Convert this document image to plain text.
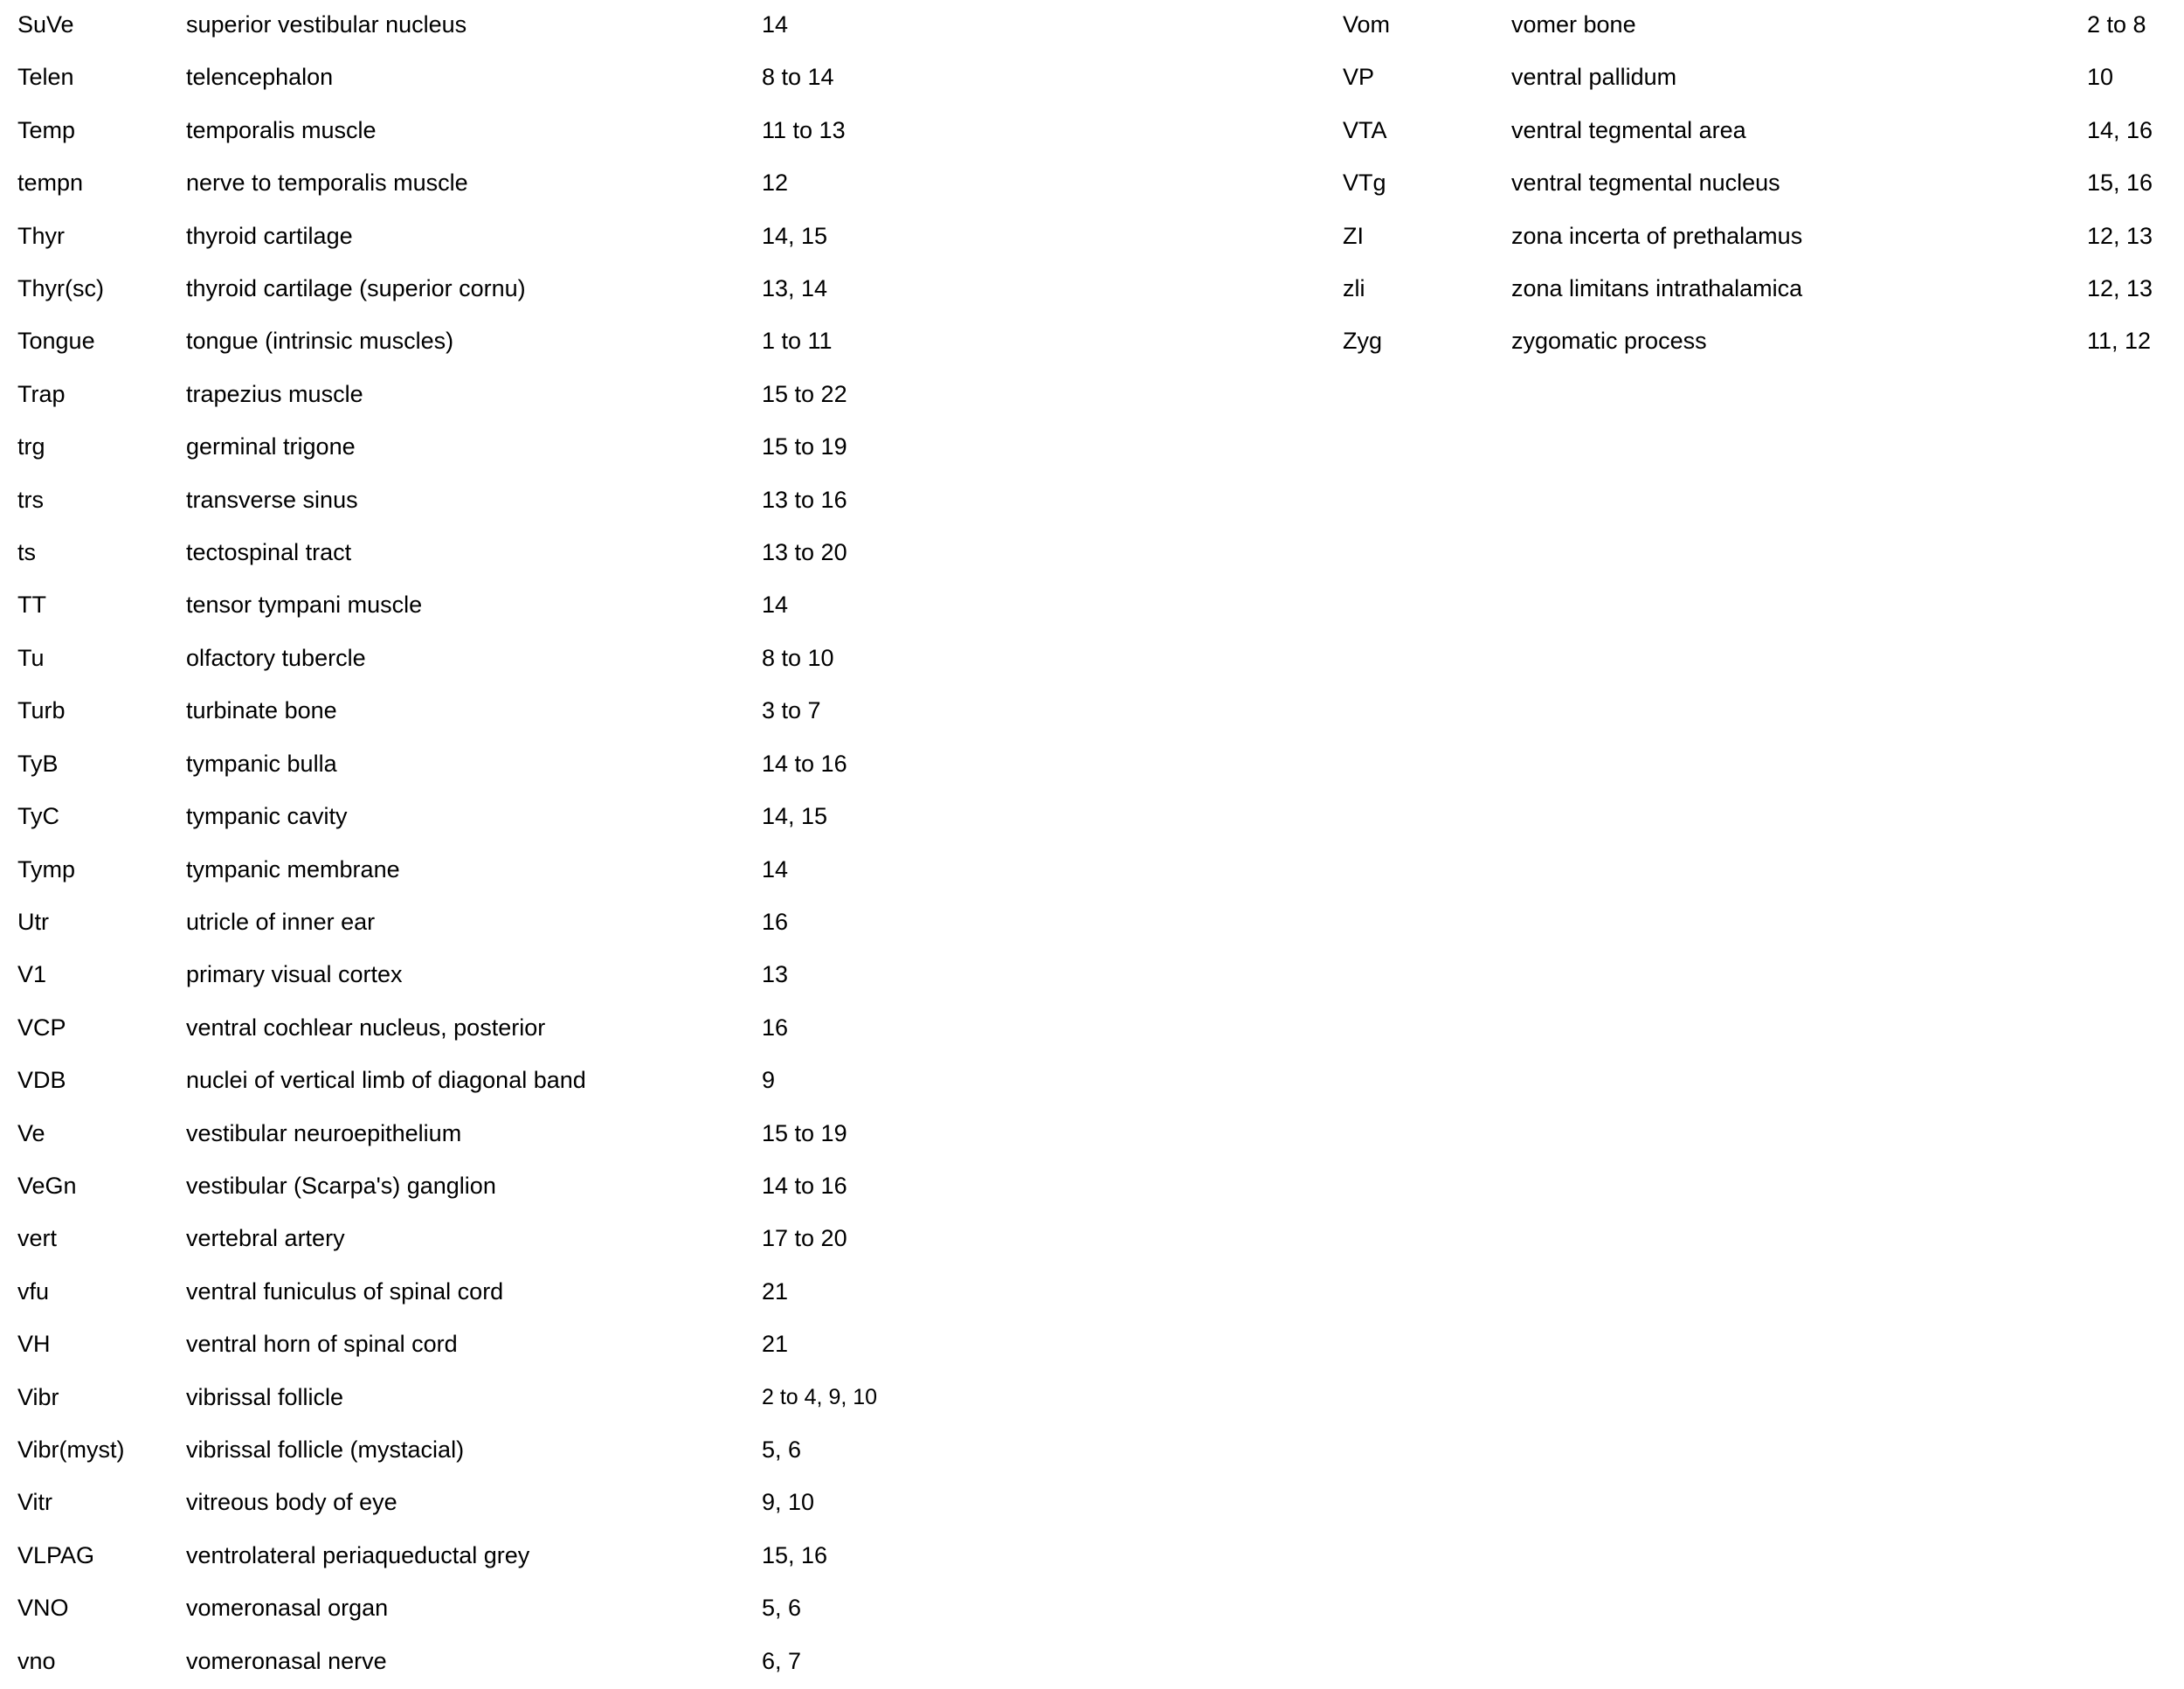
SuVe	superior vestibular nucleus	14
Telen	telencephalon	8 to 14
Temp	temporalis muscle	11 to 13
tempn	nerve to temporalis muscle	12
Thyr	thyroid cartilage	14, 15
Thyr(sc)	thyroid cartilage (superior cornu)	13, 14
Tongue	tongue (intrinsic muscles)	1 to 11
Trap	trapezius muscle	15 to 22
trg	germinal trigone	15 to 19
trs	transverse sinus	13 to 16
ts	tectospinal tract	13 to 20
TT	tensor tympani muscle	14
Tu	olfactory tubercle	8 to 10
Turb	turbinate bone	3 to 7
TyB	tympanic bulla	14 to 16
TyC	tympanic cavity	14, 15
Tymp	tympanic membrane	14
Utr	utricle of inner ear	16
V1	primary visual cortex	13
VCP	ventral cochlear nucleus, posterior	16
VDB	nuclei of vertical limb of diagonal band	9
Ve	vestibular neuroepithelium	15 to 19
VeGn	vestibular (Scarpa's) ganglion	14 to 16
vert	vertebral artery	17 to 20
vfu	ventral funiculus of spinal cord	21
VH	ventral horn of spinal cord	21
Vibr	vibrissal follicle	2 to 4, 9, 10
Vibr(myst)	vibrissal follicle (mystacial)	5, 6
Vitr	vitreous body of eye	9, 10
VLPAG	ventrolateral periaqueductal grey	15, 16
VNO	vomeronasal organ	5, 6
vno	vomeronasal nerve	6, 7
Vom	vomer bone	2 to 8
VP	ventral pallidum	10
VTA	ventral tegmental area	14, 16
VTg	ventral tegmental nucleus	15, 16
ZI	zona incerta of prethalamus	12, 13
zli	zona limitans intrathalamica	12, 13
Zyg	zygomatic process	11, 12
